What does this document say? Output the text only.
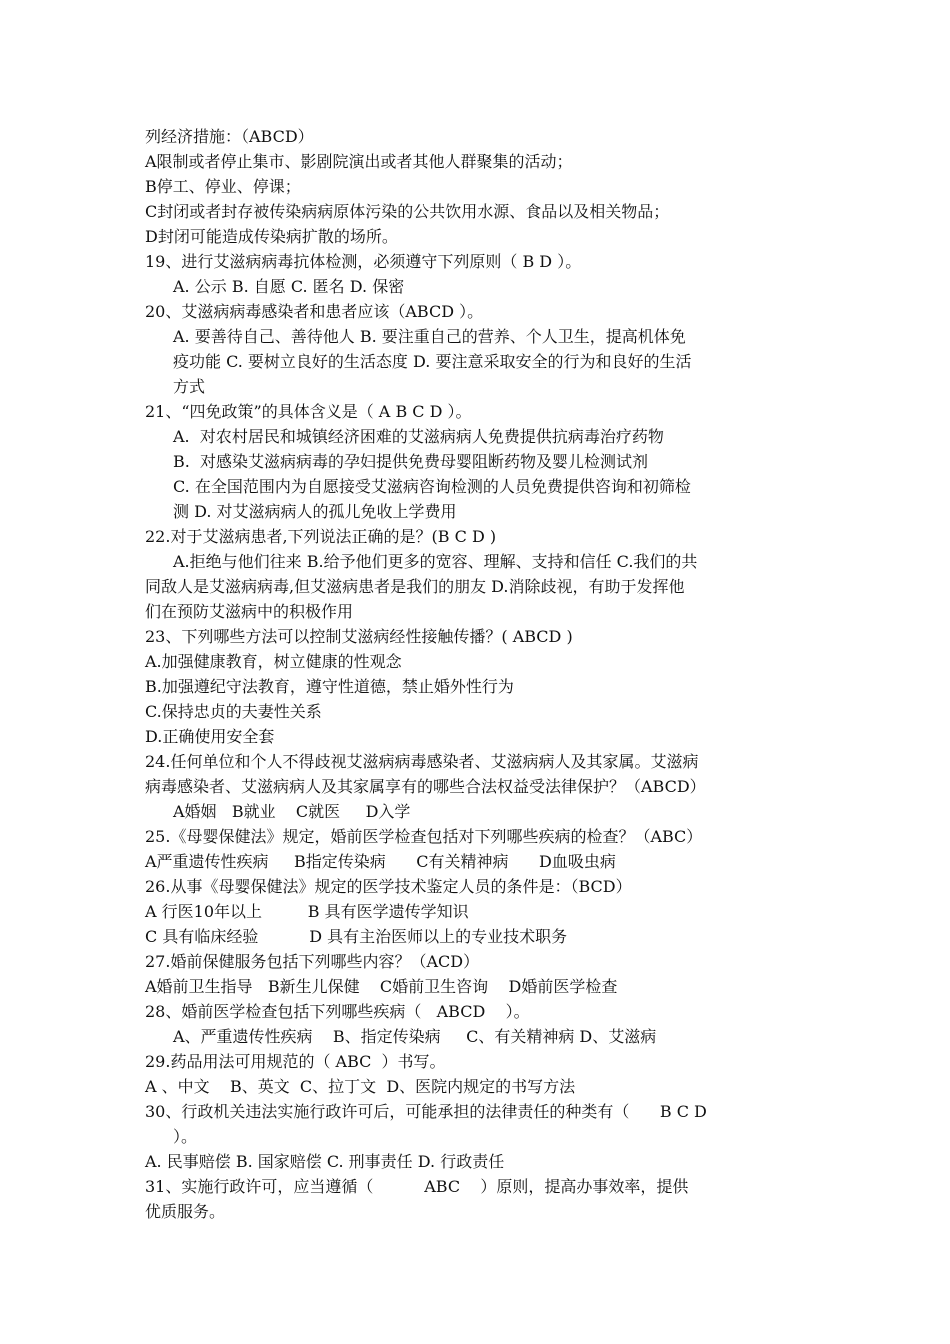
列经济措施：（ABCD）
A限制或者停止集市、影剧院演出或者其他人群聚集的活动；
B停工、停业、停课；
C封闭或者封存被传染病病原体污染的公共饮用水源、食品以及相关物品；
D封闭可能造成传染病扩散的场所。
19、进行艾滋病病毒抗体检测，必须遵守下列原则（ B D ）。
A. 公示 B. 自愿 C. 匿名 D. 保密
20、艾滋病病毒感染者和患者应该（ABCD ）。
A. 要善待自己、善待他人 B. 要注重自己的营养、个人卫生，提高机体免
疫功能 C. 要树立良好的生活态度 D. 要注意采取安全的行为和良好的生活
方式
21、“四免政策”的具体含义是（ A B C D ）。
A.  对农村居民和城镇经济困难的艾滋病病人免费提供抗病毒治疗药物
B.  对感染艾滋病病毒的孕妇提供免费母婴阻断药物及婴儿检测试剂
C. 在全国范围内为自愿接受艾滋病咨询检测的人员免费提供咨询和初筛检
测 D. 对艾滋病病人的孤儿免收上学费用
22.对于艾滋病患者,下列说法正确的是？(B C D )
A.拒绝与他们往来 B.给予他们更多的宽容、理解、支持和信任 C.我们的共
同敌人是艾滋病病毒,但艾滋病患者是我们的朋友 D.消除歧视，有助于发挥他
们在预防艾滋病中的积极作用
23、下列哪些方法可以控制艾滋病经性接触传播？( ABCD )
A.加强健康教育，树立健康的性观念
B.加强遵纪守法教育，遵守性道德，禁止婚外性行为
C.保持忠贞的夫妻性关系
D.正确使用安全套
24.任何单位和个人不得歧视艾滋病病毒感染者、艾滋病病人及其家属。艾滋病
病毒感染者、艾滋病病人及其家属享有的哪些合法权益受法律保护？（ABCD）
A婚姻   B就业    C就医     D入学
25.《母婴保健法》规定，婚前医学检查包括对下列哪些疾病的检查？（ABC）
A严重遗传性疾病     B指定传染病      C有关精神病      D血吸虫病
26.从事《母婴保健法》规定的医学技术鉴定人员的条件是：（BCD）
A 行医10年以上         B 具有医学遗传学知识
C 具有临床经验          D 具有主治医师以上的专业技术职务
27.婚前保健服务包括下列哪些内容？（ACD）
A婚前卫生指导   B新生儿保健    C婚前卫生咨询    D婚前医学检查
28、婚前医学检查包括下列哪些疾病（   ABCD    ）。
A、严重遗传性疾病    B、指定传染病     C、有关精神病 D、艾滋病
29.药品用法可用规范的（ ABC  ）书写。
A 、中文    B、英文  C、拉丁文  D、医院内规定的书写方法
30、行政机关违法实施行政许可后，可能承担的法律责任的种类有（      B C D
）。
A. 民事赔偿 B. 国家赔偿 C. 刑事责任 D. 行政责任
31、实施行政许可，应当遵循（          ABC    ）原则，提高办事效率，提供
优质服务。
